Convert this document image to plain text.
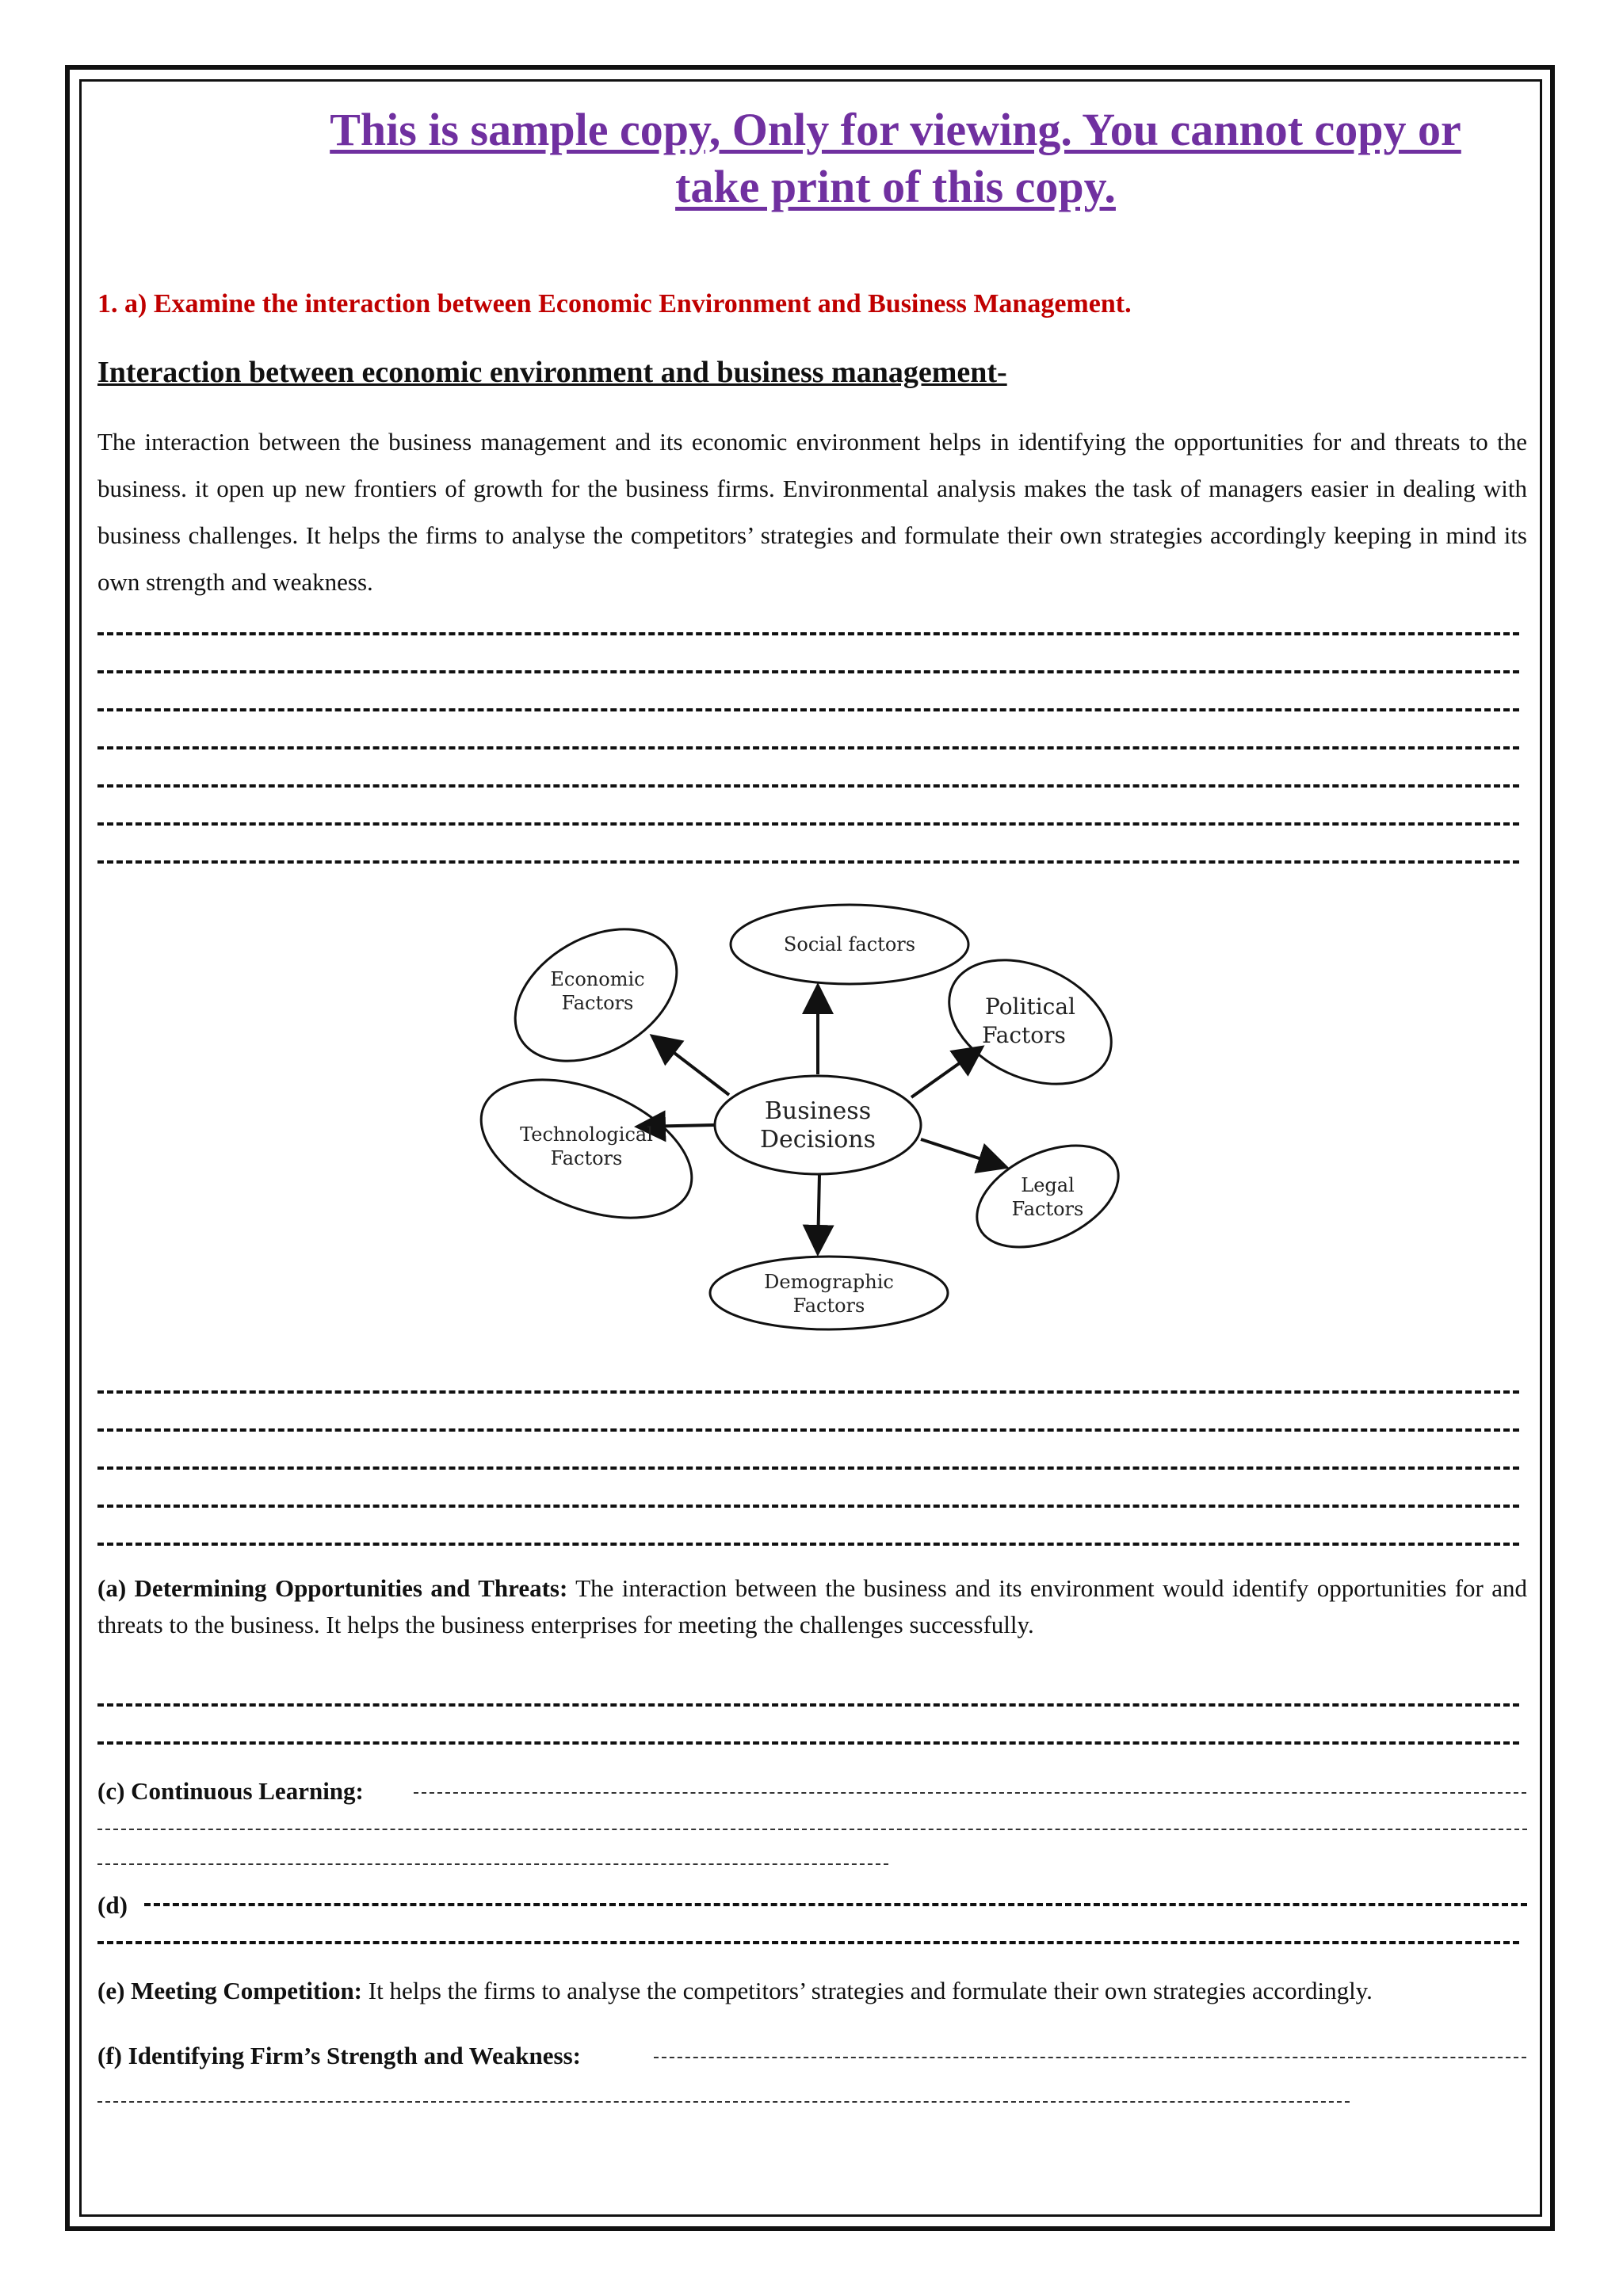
This is sample copy, Only for viewing. You cannot copy or
take print of this copy.
1. a) Examine the interaction between Economic Environment and Business Management.
Interaction between economic environment and business management-
The interaction between the business management and its economic environment helps in identifying the opportunities for and threats to the business. it open up new frontiers of growth for the business firms. Environmental analysis makes the task of managers easier in dealing with business challenges. It helps the firms to analyse the competitors’ strategies and formulate their own strategies accordingly keeping in mind its own strength and weakness.
Business
Decisions
Social factors
Economic
Factors	Political
Factors
Technological
Factors
Legal
Factors
Demographic
Factors
(a) Determining Opportunities and Threats: The interaction between the business and its environment would identify opportunities for and threats to the business. It helps the business enterprises for meeting the challenges successfully.
(c) Continuous Learning:
(d)
(e) Meeting Competition: It helps the firms to analyse the competitors’ strategies and formulate their own strategies accordingly.
(f) Identifying Firm’s Strength and Weakness:
